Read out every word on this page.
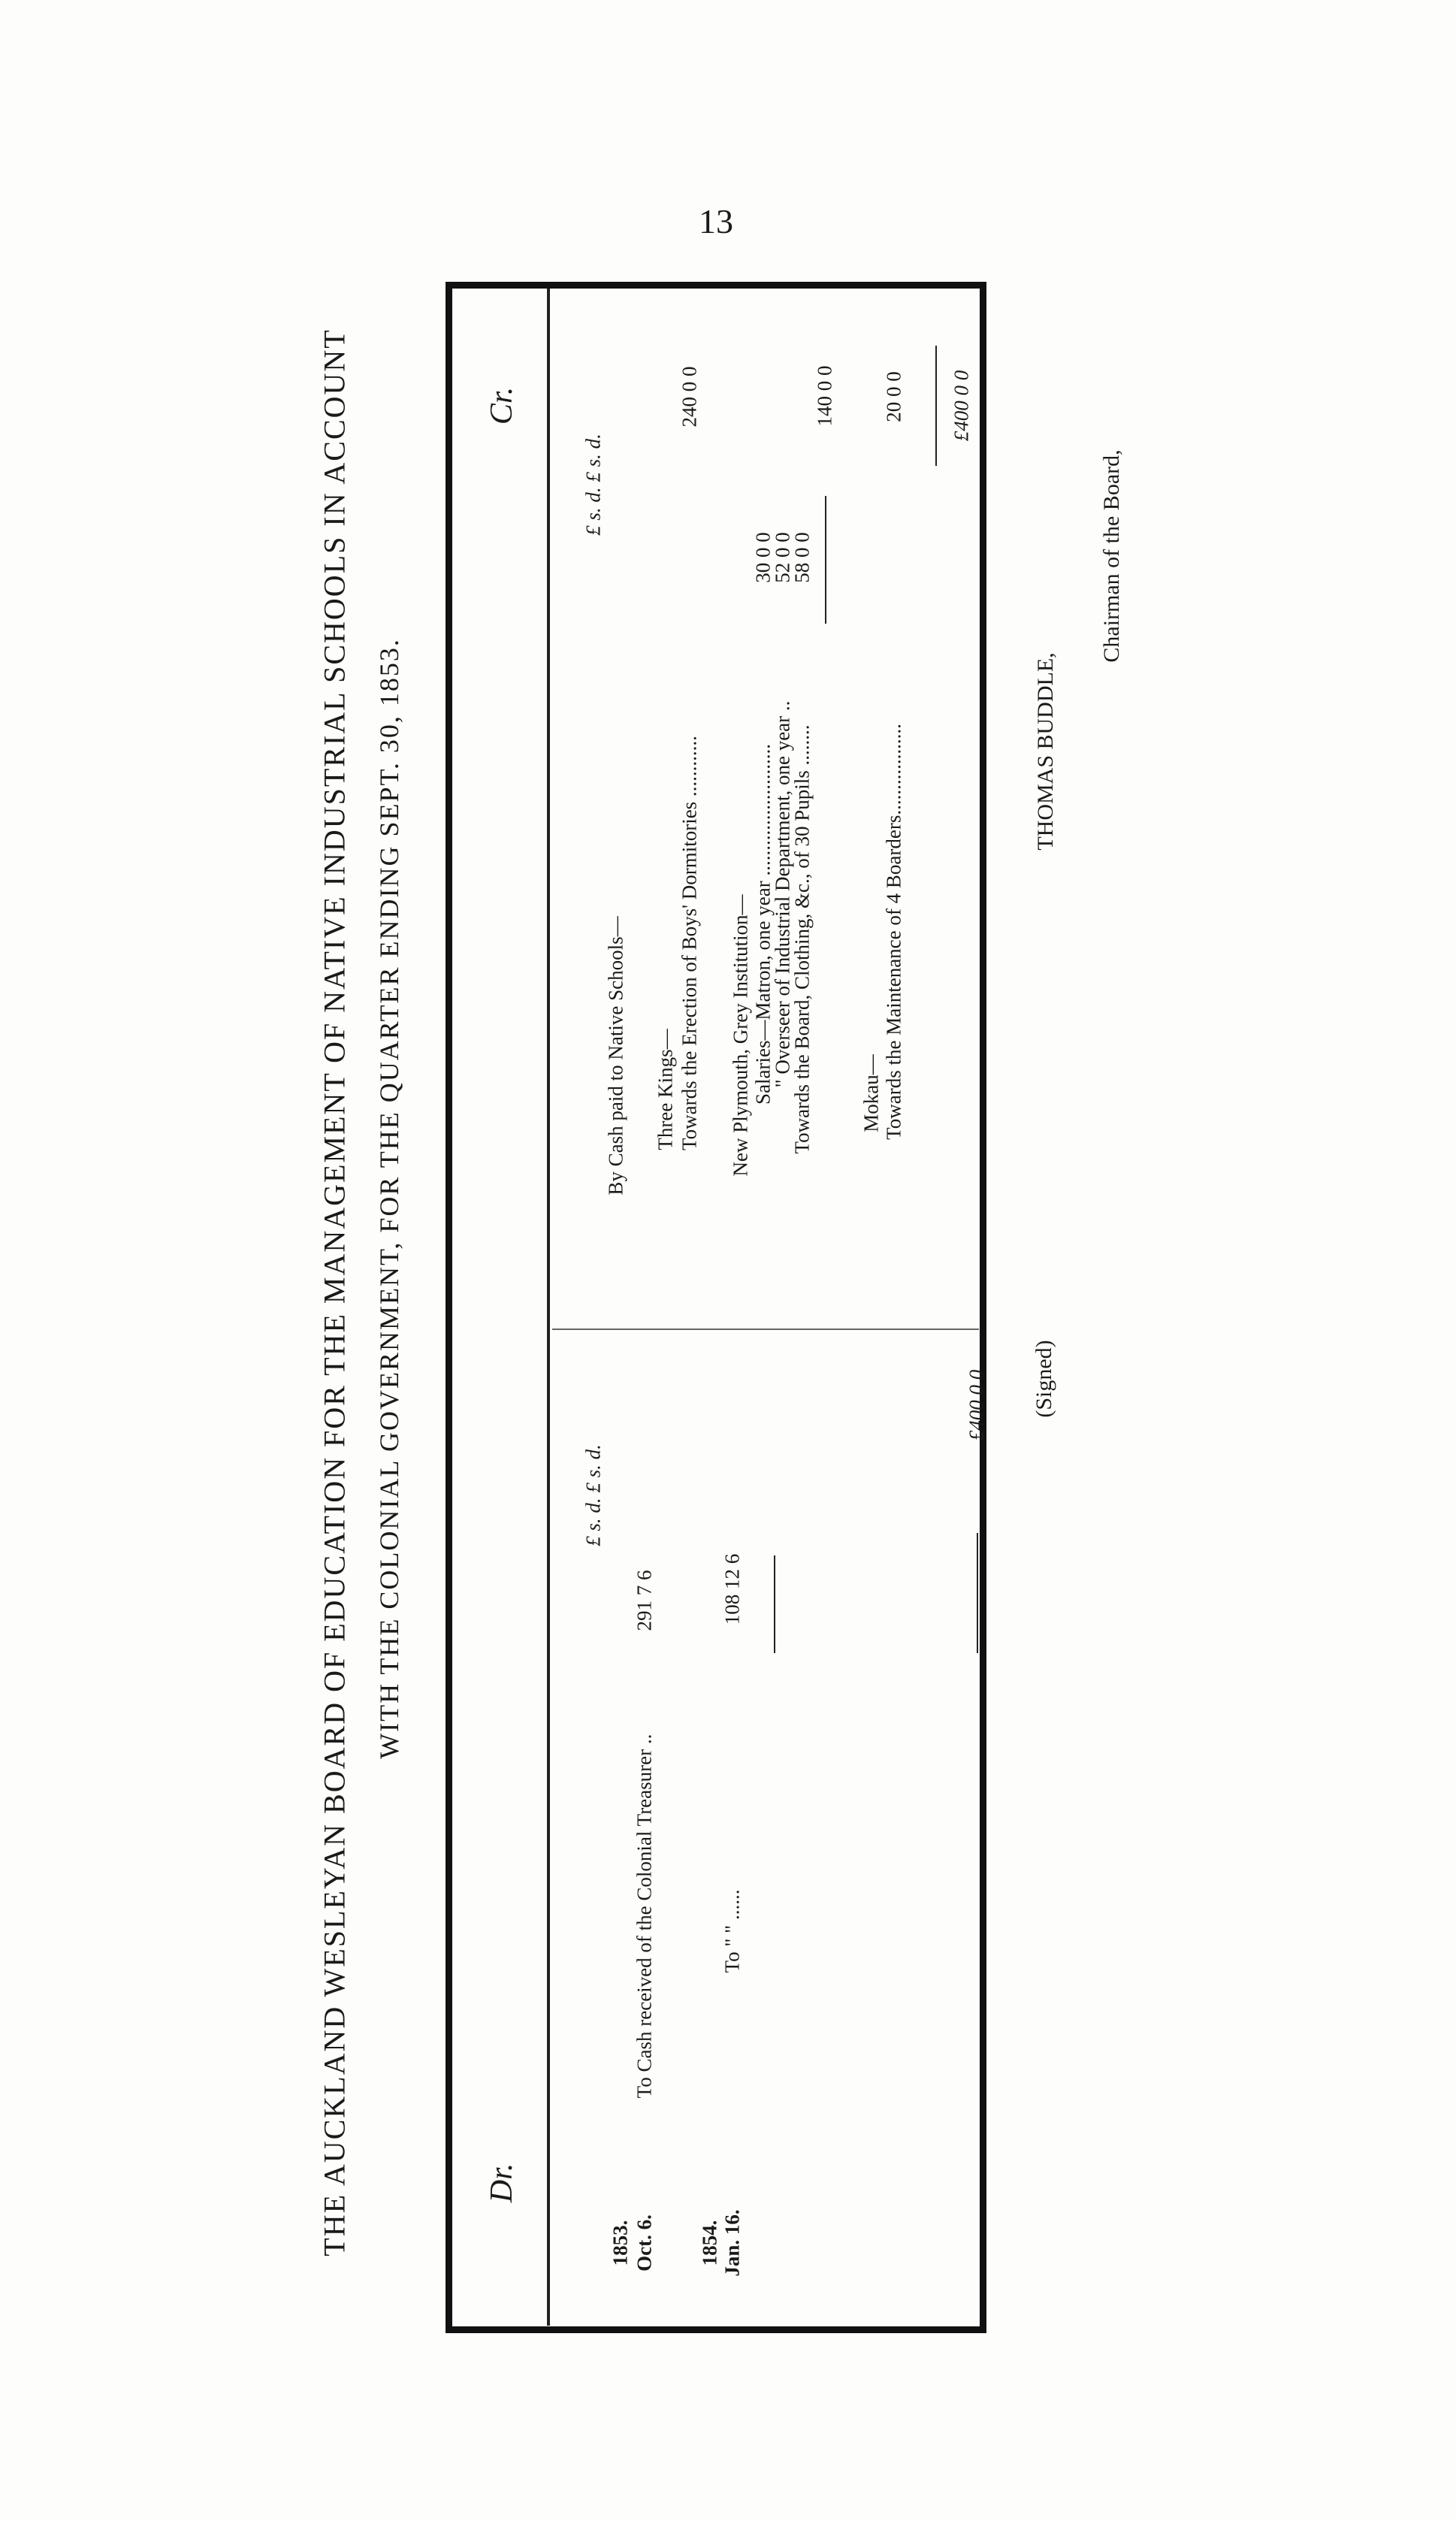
13
THE AUCKLAND WESLEYAN BOARD OF EDUCATION FOR THE MANAGEMENT OF NATIVE INDUSTRIAL SCHOOLS IN ACCOUNT WITH THE COLONIAL GOVERNMENT, FOR THE QUARTER ENDING SEPT. 30, 1853.
Dr.
£ s. d. £ s. d.
1853. Oct. 6.
To Cash received of the Colonial Treasurer ..
291 7 6
1854. Jan. 16.
To " " ......
108 12 6
£400 0 0
Cr.
£ s. d. £ s. d.
By Cash paid to Native Schools— Three Kings— Towards the Erection of Boys' Dormitories ............
240 0 0
New Plymouth, Grey Institution— Salaries—Matron, one year ..........................
" Overseer of Industrial Department, one year ..
Towards the Board, Clothing, &c., of 30 Pupils ........
30 0 0
52 0 0
58 0 0
140 0 0
Mokau— Towards the Maintenance of 4 Boarders..................
20 0 0 £400 0 0
(Signed)
THOMAS BUDDLE,
Chairman of the Board,
